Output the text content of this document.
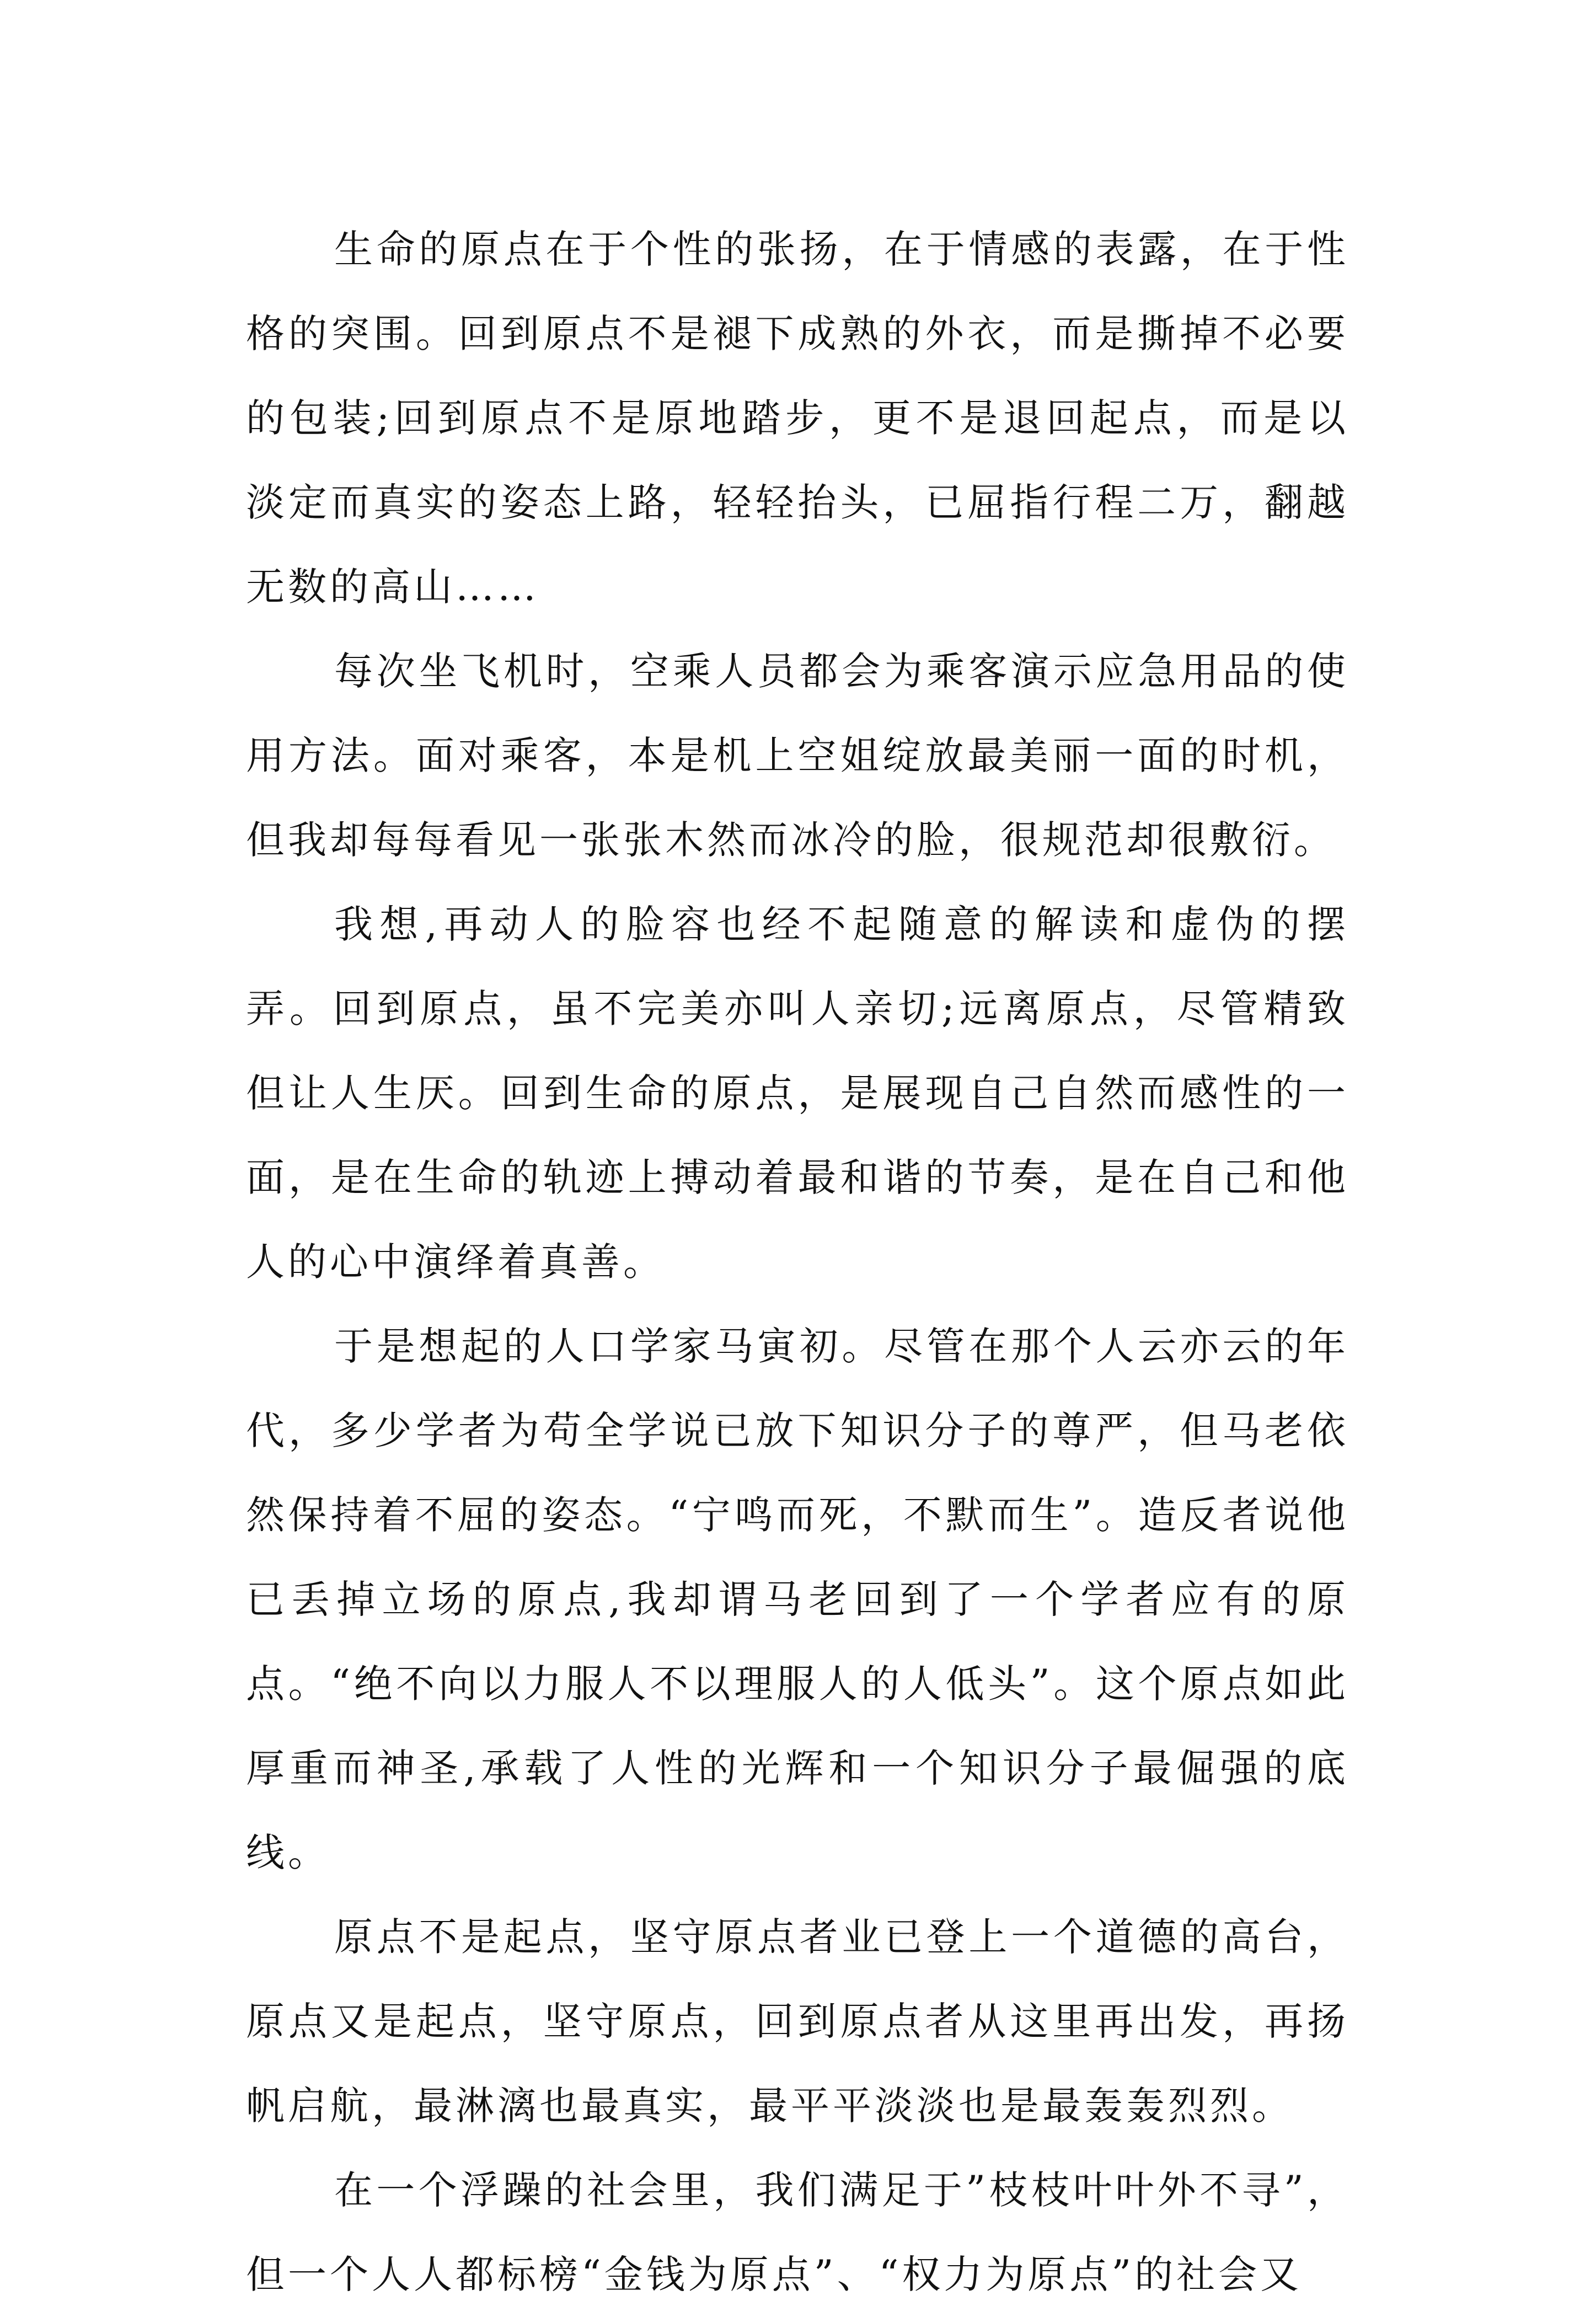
生命的原点在于个性的张扬，在于情感的表露，在于性格的突围。回到原点不是褪下成熟的外衣，而是撕掉不必要的包装;回到原点不是原地踏步，更不是退回起点，而是以淡定而真实的姿态上路，轻轻抬头，已屈指行程二万，翻越无数的高山……

每次坐飞机时，空乘人员都会为乘客演示应急用品的使用方法。面对乘客，本是机上空姐绽放最美丽一面的时机，但我却每每看见一张张木然而冰冷的脸，很规范却很敷衍。

我想,再动人的脸容也经不起随意的解读和虚伪的摆弄。回到原点，虽不完美亦叫人亲切;远离原点，尽管精致但让人生厌。回到生命的原点，是展现自己自然而感性的一面，是在生命的轨迹上搏动着最和谐的节奏，是在自己和他人的心中演绎着真善。

于是想起的人口学家马寅初。尽管在那个人云亦云的年代，多少学者为苟全学说已放下知识分子的尊严，但马老依然保持着不屈的姿态。“宁鸣而死，不默而生”。造反者说他已丢掉立场的原点,我却谓马老回到了一个学者应有的原点。“绝不向以力服人不以理服人的人低头”。这个原点如此厚重而神圣,承载了人性的光辉和一个知识分子最倔强的底线。

原点不是起点，坚守原点者业已登上一个道德的高台，原点又是起点，坚守原点，回到原点者从这里再出发，再扬帆启航，最淋漓也最真实，最平平淡淡也是最轰轰烈烈。

在一个浮躁的社会里，我们满足于”枝枝叶叶外不寻”，但一个人人都标榜“金钱为原点”、“权力为原点”的社会又
